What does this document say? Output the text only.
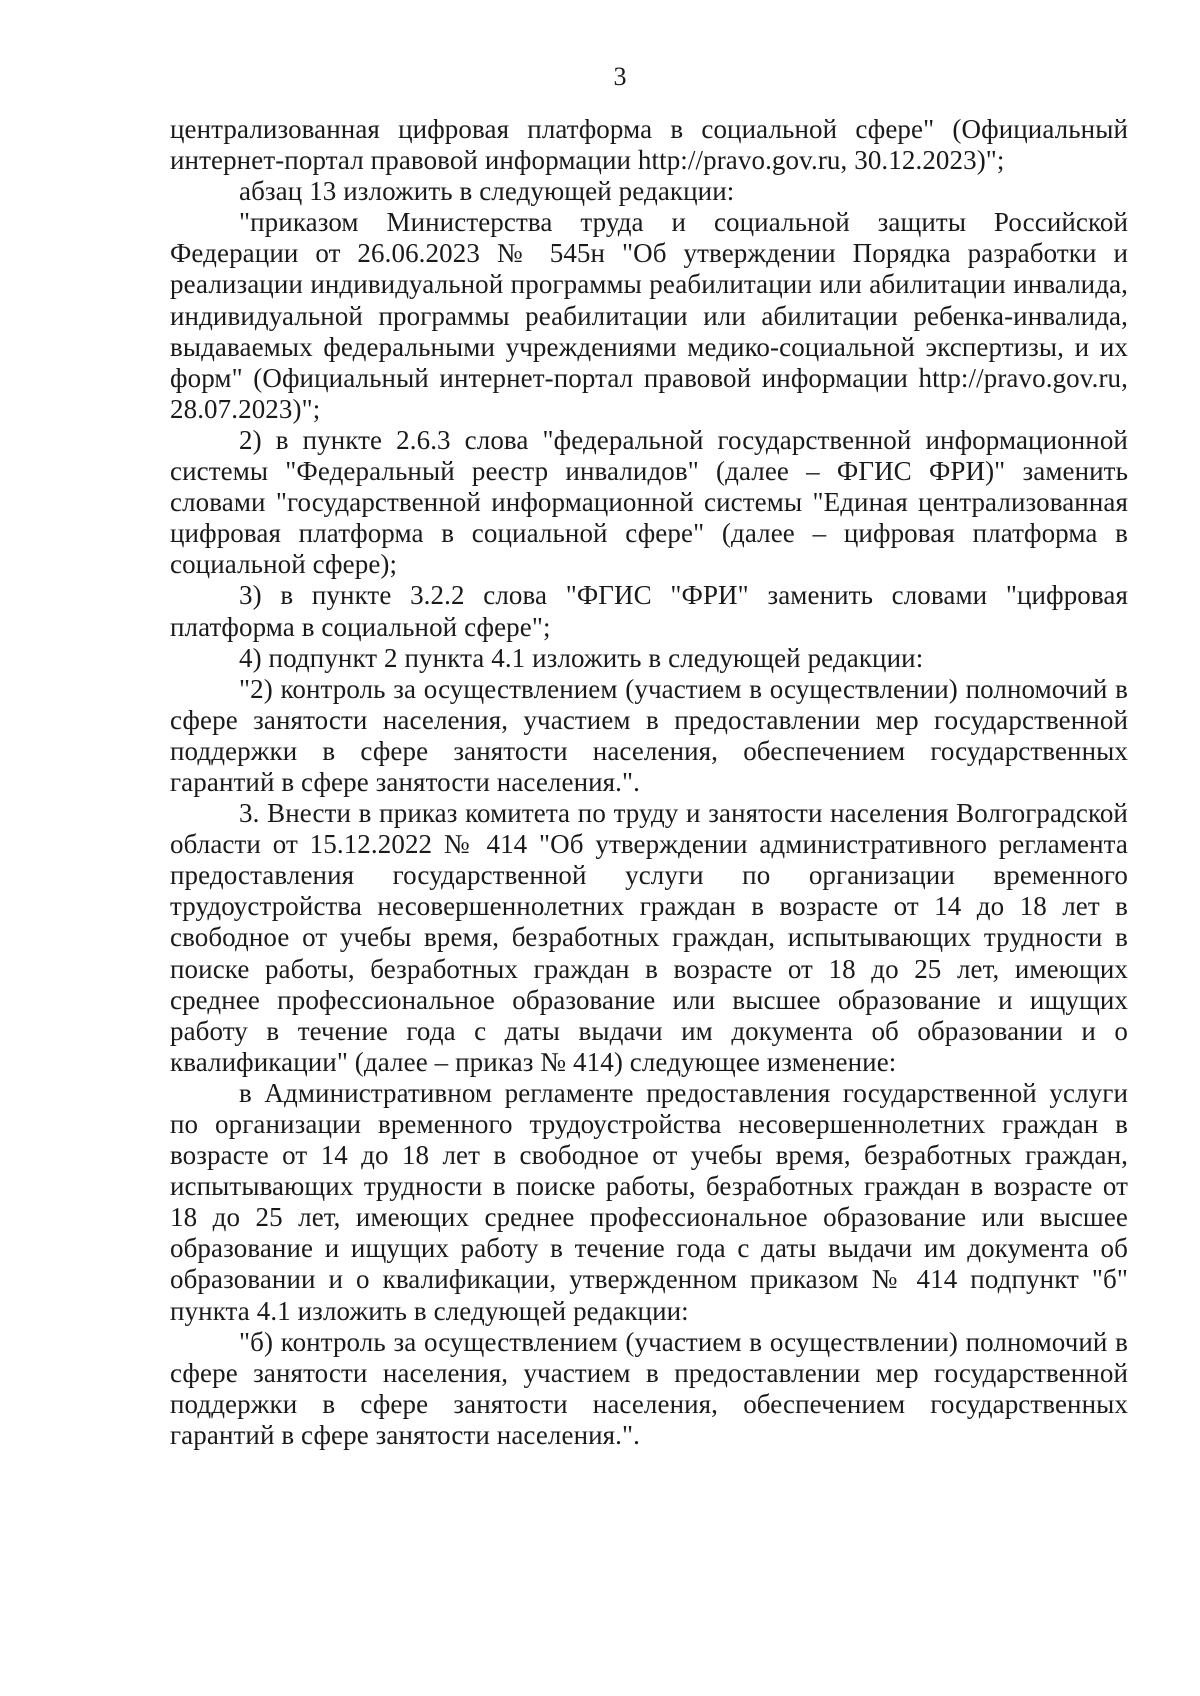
3

централизованная цифровая платформа в социальной сфере" (Официальный интернет-портал правовой информации http://pravo.gov.ru, 30.12.2023)";

абзац 13 изложить в следующей редакции:

"приказом Министерства труда и социальной защиты Российской Федерации от 26.06.2023 № 545н "Об утверждении Порядка разработки и реализации индивидуальной программы реабилитации или абилитации инвалида, индивидуальной программы реабилитации или абилитации ребенка-инвалида, выдаваемых федеральными учреждениями медико-социальной экспертизы, и их форм" (Официальный интернет-портал правовой информации http://pravo.gov.ru, 28.07.2023)";

2) в пункте 2.6.3 слова "федеральной государственной информационной системы "Федеральный реестр инвалидов" (далее – ФГИС ФРИ)" заменить словами "государственной информационной системы "Единая централизованная цифровая платформа в социальной сфере" (далее – цифровая платформа в социальной сфере);

3) в пункте 3.2.2 слова "ФГИС "ФРИ" заменить словами "цифровая платформа в социальной сфере";

4) подпункт 2 пункта 4.1 изложить в следующей редакции:

"2) контроль за осуществлением (участием в осуществлении) полномочий в сфере занятости населения, участием в предоставлении мер государственной поддержки в сфере занятости населения, обеспечением государственных гарантий в сфере занятости населения.".

3. Внести в приказ комитета по труду и занятости населения Волгоградской области от 15.12.2022 № 414 "Об утверждении административного регламента предоставления государственной услуги по организации временного трудоустройства несовершеннолетних граждан в возрасте от 14 до 18 лет в свободное от учебы время, безработных граждан, испытывающих трудности в поиске работы, безработных граждан в возрасте от 18 до 25 лет, имеющих среднее профессиональное образование или высшее образование и ищущих работу в течение года с даты выдачи им документа об образовании и о квалификации" (далее – приказ № 414) следующее изменение:

в Административном регламенте предоставления государственной услуги по организации временного трудоустройства несовершеннолетних граждан в возрасте от 14 до 18 лет в свободное от учебы время, безработных граждан, испытывающих трудности в поиске работы, безработных граждан в возрасте от 18 до 25 лет, имеющих среднее профессиональное образование или высшее образование и ищущих работу в течение года с даты выдачи им документа об образовании и о квалификации, утвержденном приказом № 414 подпункт "б" пункта 4.1 изложить в следующей редакции:

"б) контроль за осуществлением (участием в осуществлении) полномочий в сфере занятости населения, участием в предоставлении мер государственной поддержки в сфере занятости населения, обеспечением государственных гарантий в сфере занятости населения.".
